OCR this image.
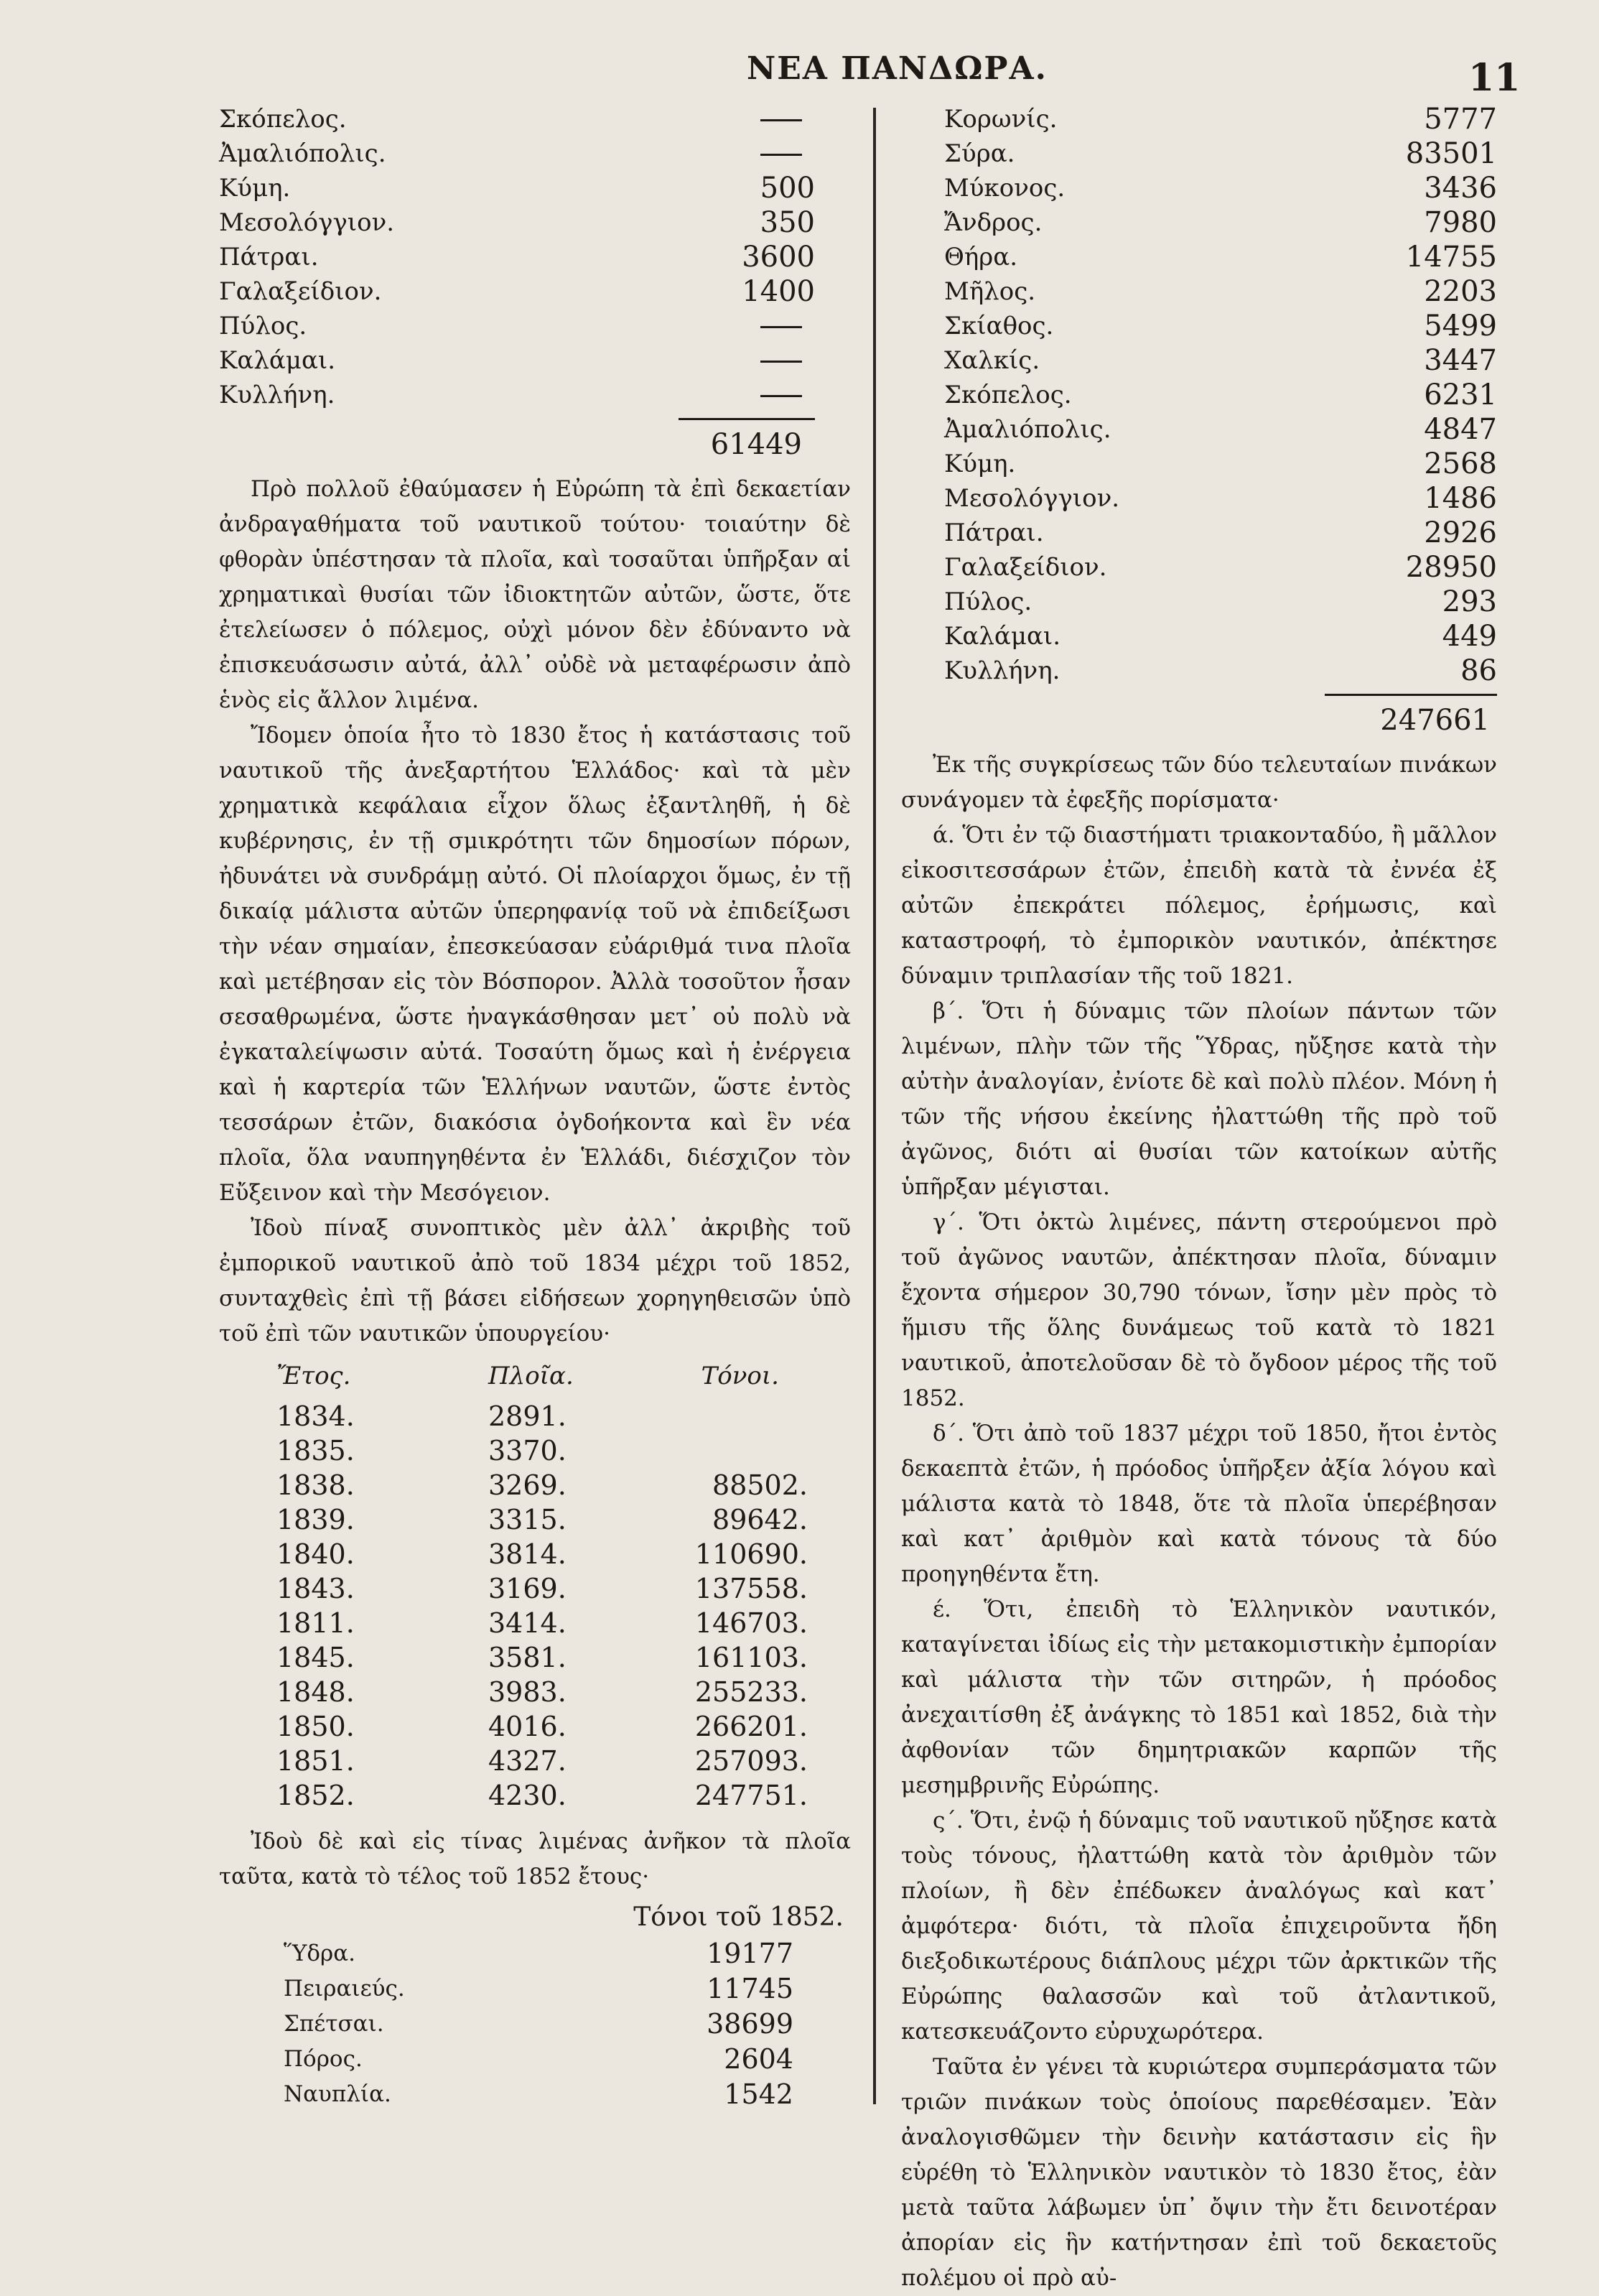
ΝΕΑ ΠΑΝΔΩΡΑ.	11
Σκόπελος.
Ἀμαλιόπολις.
Κύμη.	500
Μεσολόγγιον.	350
Πάτραι.	3600
Γαλαξείδιον.	1400
Πύλος.
Καλάμαι.
Κυλλήνη.
61449

Πρὸ πολλοῦ ἐθαύμασεν ἡ Εὐρώπη τὰ ἐπὶ δεκαετίαν ἀνδραγαθήματα τοῦ ναυτικοῦ τούτου· τοιαύτην δὲ φθορὰν ὑπέστησαν τὰ πλοῖα, καὶ τοσαῦται ὑπῆρξαν αἱ χρηματικαὶ θυσίαι τῶν ἰδιοκτητῶν αὐτῶν, ὥστε, ὅτε ἐτελείωσεν ὁ πόλεμος, οὐχὶ μόνον δὲν ἐδύναντο νὰ ἐπισκευάσωσιν αὐτά, ἀλλ᾽ οὐδὲ νὰ μεταφέρωσιν ἀπὸ ἑνὸς εἰς ἄλλον λιμένα.

Ἴδομεν ὁποία ἦτο τὸ 1830 ἔτος ἡ κατάστασις τοῦ ναυτικοῦ τῆς ἀνεξαρτήτου Ἑλλάδος· καὶ τὰ μὲν χρηματικὰ κεφάλαια εἶχον ὅλως ἐξαντληθῆ, ἡ δὲ κυβέρνησις, ἐν τῇ σμικρότητι τῶν δημοσίων πόρων, ἠδυνάτει νὰ συνδράμῃ αὐτό. Οἱ πλοίαρχοι ὅμως, ἐν τῇ δικαίᾳ μάλιστα αὐτῶν ὑπερηφανίᾳ τοῦ νὰ ἐπιδείξωσι τὴν νέαν σημαίαν, ἐπεσκεύασαν εὐάριθμά τινα πλοῖα καὶ μετέβησαν εἰς τὸν Βόσπορον. Ἀλλὰ τοσοῦτον ἦσαν σεσαθρωμένα, ὥστε ἠναγκάσθησαν μετ᾽ οὐ πολὺ νὰ ἐγκαταλείψωσιν αὐτά. Τοσαύτη ὅμως καὶ ἡ ἐνέργεια καὶ ἡ καρτερία τῶν Ἑλλήνων ναυτῶν, ὥστε ἐντὸς τεσσάρων ἐτῶν, διακόσια ὀγδοήκοντα καὶ ἓν νέα πλοῖα, ὅλα ναυπηγηθέντα ἐν Ἑλλάδι, διέσχιζον τὸν Εὔξεινον καὶ τὴν Μεσόγειον.

Ἰδοὺ πίναξ συνοπτικὸς μὲν ἀλλ᾽ ἀκριβὴς τοῦ ἐμπορικοῦ ναυτικοῦ ἀπὸ τοῦ 1834 μέχρι τοῦ 1852, συνταχθεὶς ἐπὶ τῇ βάσει εἰδήσεων χορηγηθεισῶν ὑπὸ τοῦ ἐπὶ τῶν ναυτικῶν ὑπουργείου·

Ἔτος.	Πλοῖα.	Τόνοι.
1834.	2891.
1835.	3370.
1838.	3269.	88502.
1839.	3315.	89642.
1840.	3814.	110690.
1843.	3169.	137558.
1811.	3414.	146703.
1845.	3581.	161103.
1848.	3983.	255233.
1850.	4016.	266201.
1851.	4327.	257093.
1852.	4230.	247751.

Ἰδοὺ δὲ καὶ εἰς τίνας λιμένας ἀνῆκον τὰ πλοῖα ταῦτα, κατὰ τὸ τέλος τοῦ 1852 ἔτους·

Τόνοι τοῦ 1852.
Ὕδρα.	19177
Πειραιεύς.	11745
Σπέτσαι.	38699
Πόρος.	2604
Ναυπλία.	1542
Κορωνίς.	5777
Σύρα.	83501
Μύκονος.	3436
Ἄνδρος.	7980
Θήρα.	14755
Μῆλος.	2203
Σκίαθος.	5499
Χαλκίς.	3447
Σκόπελος.	6231
Ἀμαλιόπολις.	4847
Κύμη.	2568
Μεσολόγγιον.	1486
Πάτραι.	2926
Γαλαξείδιον.	28950
Πύλος.	293
Καλάμαι.	449
Κυλλήνη.	86
247661

Ἐκ τῆς συγκρίσεως τῶν δύο τελευταίων πινάκων συνάγομεν τὰ ἐφεξῆς πορίσματα·

ά. Ὅτι ἐν τῷ διαστήματι τριακονταδύο, ἢ μᾶλλον εἰκοσιτεσσάρων ἐτῶν, ἐπειδὴ κατὰ τὰ ἐννέα ἐξ αὐτῶν ἐπεκράτει πόλεμος, ἐρήμωσις, καὶ καταστροφή, τὸ ἐμπορικὸν ναυτικόν, ἀπέκτησε δύναμιν τριπλασίαν τῆς τοῦ 1821.

β΄. Ὅτι ἡ δύναμις τῶν πλοίων πάντων τῶν λιμένων, πλὴν τῶν τῆς Ὕδρας, ηὔξησε κατὰ τὴν αὐτὴν ἀναλογίαν, ἐνίοτε δὲ καὶ πολὺ πλέον. Μόνη ἡ τῶν τῆς νήσου ἐκείνης ἠλαττώθη τῆς πρὸ τοῦ ἀγῶνος, διότι αἱ θυσίαι τῶν κατοίκων αὐτῆς ὑπῆρξαν μέγισται.

γ΄. Ὅτι ὀκτὼ λιμένες, πάντη στερούμενοι πρὸ τοῦ ἀγῶνος ναυτῶν, ἀπέκτησαν πλοῖα, δύναμιν ἔχοντα σήμερον 30,790 τόνων, ἴσην μὲν πρὸς τὸ ἥμισυ τῆς ὅλης δυνάμεως τοῦ κατὰ τὸ 1821 ναυτικοῦ, ἀποτελοῦσαν δὲ τὸ ὄγδοον μέρος τῆς τοῦ 1852.

δ΄. Ὅτι ἀπὸ τοῦ 1837 μέχρι τοῦ 1850, ἤτοι ἐντὸς δεκαεπτὰ ἐτῶν, ἡ πρόοδος ὑπῆρξεν ἀξία λόγου καὶ μάλιστα κατὰ τὸ 1848, ὅτε τὰ πλοῖα ὑπερέβησαν καὶ κατ᾽ ἀριθμὸν καὶ κατὰ τόνους τὰ δύο προηγηθέντα ἔτη.

έ. Ὅτι, ἐπειδὴ τὸ Ἑλληνικὸν ναυτικόν, καταγίνεται ἰδίως εἰς τὴν μετακομιστικὴν ἐμπορίαν καὶ μάλιστα τὴν τῶν σιτηρῶν, ἡ πρόοδος ἀνεχαιτίσθη ἐξ ἀνάγκης τὸ 1851 καὶ 1852, διὰ τὴν ἀφθονίαν τῶν δημητριακῶν καρπῶν τῆς μεσημβρινῆς Εὐρώπης.

ς΄. Ὅτι, ἐνῷ ἡ δύναμις τοῦ ναυτικοῦ ηὔξησε κατὰ τοὺς τόνους, ἠλαττώθη κατὰ τὸν ἀριθμὸν τῶν πλοίων, ἢ δὲν ἐπέδωκεν ἀναλόγως καὶ κατ᾽ ἀμφότερα· διότι, τὰ πλοῖα ἐπιχειροῦντα ἤδη διεξοδικωτέρους διάπλους μέχρι τῶν ἀρκτικῶν τῆς Εὐρώπης θαλασσῶν καὶ τοῦ ἀτλαντικοῦ, κατεσκευάζοντο εὐρυχωρότερα.

Ταῦτα ἐν γένει τὰ κυριώτερα συμπεράσματα τῶν τριῶν πινάκων τοὺς ὁποίους παρεθέσαμεν. Ἐὰν ἀναλογισθῶμεν τὴν δεινὴν κατάστασιν εἰς ἣν εὑρέθη τὸ Ἑλληνικὸν ναυτικὸν τὸ 1830 ἔτος, ἐὰν μετὰ ταῦτα λάβωμεν ὑπ᾽ ὄψιν τὴν ἔτι δεινοτέραν ἀπορίαν εἰς ἣν κατήντησαν ἐπὶ τοῦ δεκαετοῦς πολέμου οἱ πρὸ αὐ-
